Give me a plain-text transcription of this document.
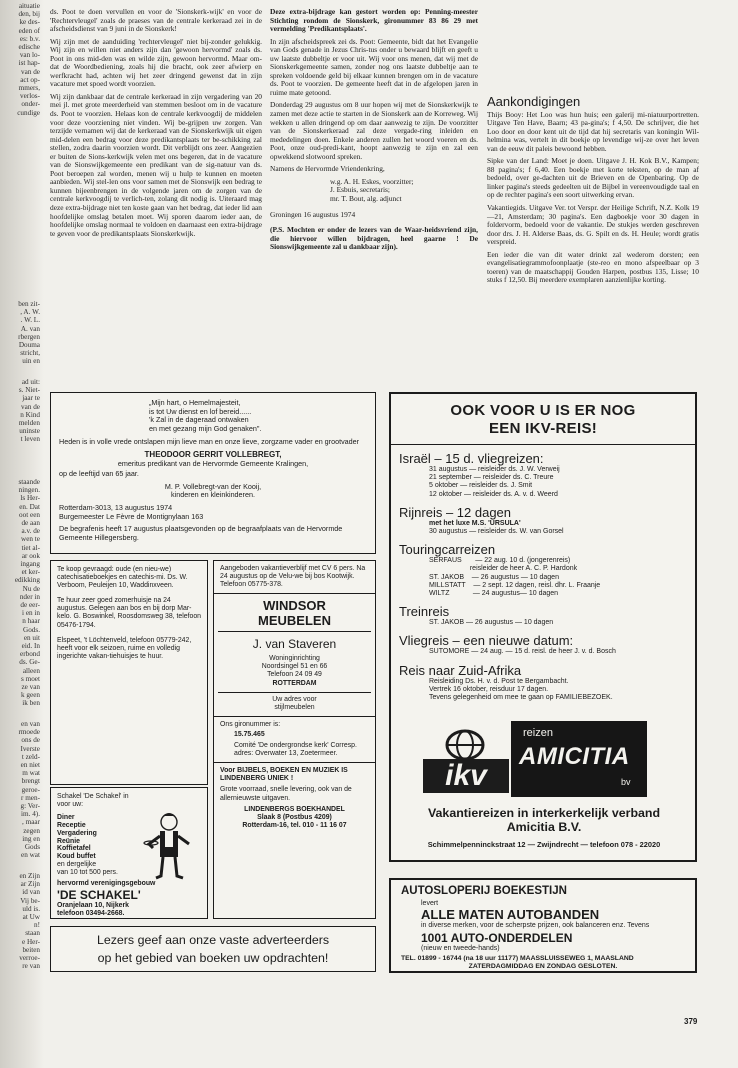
aituatie

den, bij

ke des-

eden of

es: b.v.

edische

van lo-

ist hap-

van de

act op-

mmers,

verlos-

onder-

cundige

ben zit-

, A. W.

. W. L.

A. van

rbergen

Douma

stricht,

uin en

ad uit:

s. Niet-

jaar te

van de

n Kind

melden

uninste

t leven

staande

ningen.

ls Her-

en. Dat

oot een

de aan

a.v. de

wen te

tiet al-

ar ook

ingang

et ker-

edikking

Nu de

nder in

de eer-

i en in

n haar

Gods.

en uit

eid. In

erbond

ds. Ge-

alleen

s moet

ze van

k geen

ik ben

en van

rmoede

ons de

Iverste

t zeld-

en niet

m wat

brengt

geroe-

r men-

g: Ver-

im. 4).

, maar

zegen

ing en

Gods

en wat

en Zijn

ar Zijn

id van

Vij be-

uld is.

at Uw

n!

staan

e Her-

beiten

verroe-

re van

ds. Poot te doen vervullen en voor de 'Sionskerk-wijk' en voor de 'Rechtervleugel' zoals de praeses van de centrale kerkeraad zei in de afscheidsdienst van 9 juni in de Sionskerk!

Wij zijn met de aanduiding 'rechtervleugel' niet bij-zonder gelukkig. Wij zijn en willen niet anders zijn dan 'gewoon hervormd' zoals ds. Poot in ons mid-den was en wilde zijn, gewoon hervormd. Maar om-dat de Woordbediening, zoals hij die bracht, ook zeer afwierp en werfkracht had, achten wij het zeer dringend gewenst dat in zijn vacature met spoed wordt voorzien.

Wij zijn dankbaar dat de centrale kerkeraad in zijn vergadering van 20 mei jl. met grote meerderheid van stemmen besloot om in de vacature ds. Poot te voorzien. Helaas kon de centrale kerkvoogdij de middelen voor deze voorziening niet vinden. Wij be-grijpen uw zorgen. Van terzijde vernamen wij dat de kerkeraad van de Sionskerkwijk uit eigen mid-delen een bedrag voor deze predikantsplaats ter be-schikking zal stellen, zodra daarin voorzien wordt. Dit verblijdt ons zeer. Aangezien er buiten de Sions-kerkwijk velen met ons begeren, dat in de vacature van de Sionswijkgemeente een predikant van de sig-natuur van ds. Poot beroepen zal worden, menen wij u hulp te kunnen en moeten aanbieden. Wij stel-len ons voor samen met de Sionswijk een bedrag te kunnen bijeenbrengen in de volgende jaren om de zorgen van de centrale kerkvoogdij te verlich-ten, zolang dit nodig is. Uiteraard mag deze extra-bijdrage niet ten koste gaan van het bedrag, dat ieder lid aan hoofdelijke omslag betalen moet. Wij sporen daarom ieder aan, de hoofdelijke omslag normaal te voldoen en daarnaast een extra-bijdrage te geven voor de predikantsplaats Sionskerkwijk.

Deze extra-bijdrage kan gestort worden op: Penning-meester Stichting rondom de Sionskerk, gironummer 83 86 29 met vermelding 'Predikantsplaats'.

In zijn afscheidspreek zei ds. Poot: Gemeente, bidt dat het Evangelie van Gods genade in Jezus Chris-tus onder u bewaard blijft en geeft u uw laatste dubbeltje er voor uit. Wij voor ons menen, dat wij met de Sionskerkgemeente samen, zonder nog ons laatste dubbeltje aan te spreken voldoende geld bij elkaar kunnen brengen om in de vacature ds. Poot te voorzien. De gemeente heeft dat in de afgelopen jaren in ruime mate getoond.

Donderdag 29 augustus om 8 uur hopen wij met de Sionskerkwijk te zamen met deze actie te starten in de Sionskerk aan de Korreweg. Wij wekken u allen dringend op om daar aanwezig te zijn. De voorzitter van de Sionskerkeraad zal deze vergade-ring inleiden en mededelingen doen. Enkele anderen zullen het woord voeren en ds. Poot, onze oud-predi-kant, hoopt aanwezig te zijn en zal een opwekkend slotwoord spreken.

Namens de Hervormde Vriendenkring,

w.g. A. H. Eskes, voorzitter;
J. Esbuis, secretaris;
mr. T. Bout, alg. adjunct

Groningen 16 augustus 1974

(P.S. Mochten er onder de lezers van de Waar-heidsvriend zijn, die hiervoor willen bijdragen, heel gaarne ! De Sionswijkgemeente zal u dankbaar zijn).

Aankondigingen

Thijs Booy: Het Loo was hun huis; een galerij mi-niatuurportretten. Uitgave Ten Have, Baarn; 43 pa-gina's; f 4,50. De schrijver, die het Loo door en door kent uit de tijd dat hij secretaris van koningin Wil-helmina was, vertelt in dit boekje op levendige wij-ze over het leven van de eeuw dit paleis bewoond hebben.

Sipke van der Land: Moet je doen. Uitgave J. H. Kok B.V., Kampen; 88 pagina's; f 6,40. Een boekje met korte teksten, op de man af bedoeld, over ge-dachten uit de Brieven en de Openbaring. Op de linker pagina's steeds gedeelten uit de Bijbel in vereenvoudigde taal en op de rechter pagina's een soort uitwerking ervan.

Vakantiegids. Uitgave Ver. tot Verspr. der Heilige Schrift, N.Z. Kolk 19—21, Amsterdam; 30 pagina's. Een dagboekje voor 30 dagen in foldervorm, bedoeld voor de vakantie. De stukjes werden geschreven door drs. J. H. Alderse Baas, ds. G. Spilt en ds. H. Heule; wordt gratis verspreid.

Een ieder die van dit water drinkt zal wederom dorsten; een evangelisatiegrammofoonplaatje (ste-reo en mono afspeelbaar op 3 toeren) van de maatschappij Gouden Harpen, postbus 135, Lisse; 10 stuks f 12,50. Bij meerdere exemplaren aanzienlijke korting.

„Mijn hart, o Hemelmajesteit,
is tot Uw dienst en lof bereid......
'k Zal in de dageraad ontwaken
en met gezang mijn God genaken".
Heden is in volle vrede ontslapen mijn lieve man en onze lieve, zorgzame vader en grootvader
THEODOOR GERRIT VOLLEBREGT,
emeritus predikant van de Hervormde Gemeente Kralingen,
op de leeftijd van 65 jaar.
M. P. Vollebregt-van der Kooij,
kinderen en kleinkinderen.
Rotterdam-3013, 13 augustus 1974
Burgemeester Le Fèvre de Montignylaan 163
De begrafenis heeft 17 augustus plaatsgevonden op de begraafplaats van de Hervormde Gemeente Hillegersberg.

Te koop gevraagd: oude (en nieu-we) catechisatieboekjes en catechis-mi. Ds. W. Verboom, Peuleijen 10, Waddinxveen.

Te huur zeer goed zomerhuisje na 24 augustus. Gelegen aan bos en bij dorp Mar-kelo. G. Boswinkel, Roosdomsweg 38, telefoon 05476-1794.

Elspeet, 't Löchtenveld, telefoon 05779-242, heeft voor elk seizoen, ruime en volledig ingerichte vakan-tiehuisjes te huur.

Schakel 'De Schakel' in voor uw:
Diner
Receptie
Vergadering
Reünie
Koffietafel
Koud buffet
en dergelijke
van 10 tot 500 pers.
hervormd verenigingsgebouw
'DE SCHAKEL'
Oranjelaan 10, Nijkerk
telefoon 03494-2668.
Aangeboden vakantieverblijf met CV 6 pers. Na 24 augustus op de Velu-we bij bos Kootwijk. Telefoon 05775-378.
WINDSOR
MEUBELEN
J. van Staveren
Woninginrichting
Noordsingel 51 en 66
Telefoon 24 09 49
ROTTERDAM
Uw adres voor
stijlmeubelen
Ons gironummer is:
15.75.465
Comité 'De ondergrondse kerk' Corresp. adres: Overwater 13, Zoetermeer.
Voor BIJBELS, BOEKEN EN MUZIEK IS LINDENBERG UNIEK !
Grote voorraad, snelle levering, ook van de allernieuwste uitgaven.
LINDENBERGS BOEKHANDEL
Slaak 8 (Postbus 4209)
Rotterdam-16, tel. 010 - 11 16 07
Lezers geef aan onze vaste adverteerders
op het gebied van boeken uw opdrachten!
OOK VOOR U IS ER NOG
EEN IKV-REIS!
Israël – 15 d. vliegreizen:
31 augustus — reisleider ds. J. W. Verweij
21 september — reisleider ds. C. Treure
5 oktober — reisleider ds. J. Smit
12 oktober — reisleider ds. A. v. d. Weerd
Rijnreis – 12 dagen
met het luxe M.S. 'URSULA'
30 augustus — reisleider ds. W. van Gorsel
Touringcarreizen
SERFAUS       — 22 aug. 10 d. (jongerenreis)
reisleider de heer A. C. P. Hardonk
ST. JAKOB    — 26 augustus — 10 dagen
MILLSTATT    — 2 sept. 12 dagen, reisl. dhr. L. Fraanje
WILTZ            — 24 augustus— 10 dagen
Treinreis
ST. JAKOB — 26 augustus — 10 dagen
Vliegreis – een nieuwe datum:
SUTOMORE — 24 aug. — 15 d. reisl. de heer J. v. d. Bosch
Reis naar Zuid-Afrika
Reisleiding Ds. H. v. d. Post te Bergambacht.
Vertrek 16 oktober, reisduur 17 dagen.
Tevens gelegenheid om mee te gaan op FAMILIEBEZOEK.
ikv
reizen
AMICITIA
bv
Vakantiereizen in interkerkelijk verband
Amicitia B.V.
Schimmelpenninckstraat 12 — Zwijndrecht — telefoon 078 - 22020
AUTOSLOPERIJ BOEKESTIJN
levert
ALLE MATEN AUTOBANDEN
in diverse merken, voor de scherpste prijzen, ook balanceren enz. Tevens
1001 AUTO-ONDERDELEN
(nieuw en tweede-hands)
TEL. 01899 - 16744 (na 18 uur 11177) MAASSLUISSEWEG 1, MAASLAND
ZATERDAGMIDDAG EN ZONDAG GESLOTEN.
379
